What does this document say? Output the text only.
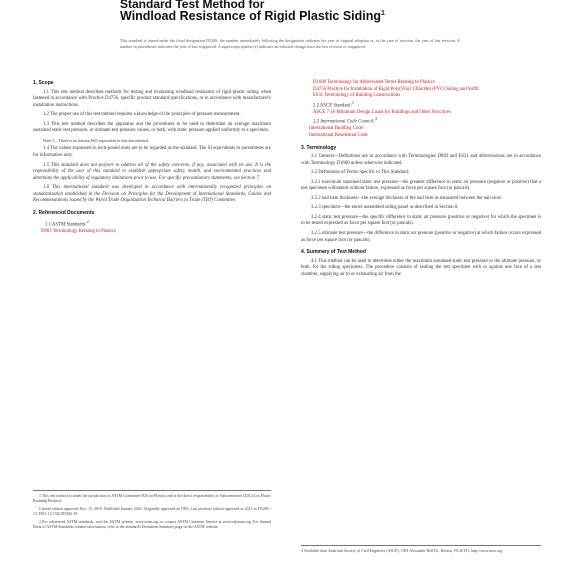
Standard Test Method for
Windload Resistance of Rigid Plastic Siding$^1$
This standard is issued under the fixed designation D5206; the number immediately following the designation indicates the year of original adoption or, in the case of revision, the year of last revision. A number in parentheses indicates the year of last reapproval. A superscript epsilon (ε) indicates an editorial change since the last revision or reapproval.
1. Scope
1.1 This test method describes methods for testing and evaluating windload resistance of rigid plastic siding when fastened in accordance with Practice D4756, specific product standard specifications, or in accordance with manufacturer's installation instructions.
1.2 The proper use of this test method requires a knowledge of the principles of pressure measurement.
1.3 This test method describes the apparatus and the procedures to be used to determine an average maximum sustained static test pressure, or ultimate test pressure values, or both, with static pressure applied uniformly to a specimen.
Note 1—There is no known ISO equivalent to this test method.
1.4 The values expressed in inch-pound units are to be regarded as the standard. The SI equivalents in parentheses are for information only.
1.5 This standard does not purport to address all of the safety concerns, if any, associated with its use. It is the responsibility of the user of this standard to establish appropriate safety, health, and environmental practices and determine the applicability of regulatory limitations prior to use. For specific precautionary statements, see Section 7.
1.6 This international standard was developed in accordance with internationally recognized principles on standardization established in the Decision on Principles for the Development of International Standards, Guides and Recommendations issued by the World Trade Organization Technical Barriers to Trade (TBT) Committee.
2. Referenced Documents
2.1 ASTM Standards:$^2$
D883 Terminology Relating to Plastics
1 This test method is under the jurisdiction of ASTM Committee D20 on Plastics and is the direct responsibility of Subcommittee D20.24 on Plastic Building Products.
Current edition approved Nov. 15, 2019. Published January 2020. Originally approved in 1992. Last previous edition approved in 2013 as D5206 - 13. DOI: 10.1520/D5206-19.
2 For referenced ASTM standards, visit the ASTM website, www.astm.org, or contact ASTM Customer Service at service@astm.org. For Annual Book of ASTM Standards volume information, refer to the standard's Document Summary page on the ASTM website.
D1600 Terminology for Abbreviated Terms Relating to Plastics
D4756 Practice for Installation of Rigid Poly(Vinyl Chloride) (PVC) Siding and Soffit
E631 Terminology of Building Constructions
2.2 ASCE Standard:$^3$
ASCE 7-16 Minimum Design Loads for Buildings and Other Structures
2.3 International Code Council:$^4$
International Building Code
International Residential Code
3. Terminology
3.1 General—Definitions are in accordance with Terminologies D883 and E631 and abbreviations are in accordance with Terminology D1600 unless otherwise indicated.
3.2 Definitions of Terms Specific to This Standard:
3.2.1 maximum sustained static test pressure—the greatest difference in static air pressure (negative or positive) that a test specimen withstands without failure, expressed as force per square foot (or pascals).
3.2.2 nail hem thickness—the average thickness of the nail hem as measured between the nail slots.
3.2.3 specimen—the entire assembled siding panel as described in Section 8.
3.2.4 static test pressure—the specific difference in static air pressure (positive or negative) for which the specimen is to be tested expressed as force per square foot (or pascals).
3.2.5 ultimate test pressure—the difference in static air pressure (positive or negative) at which failure occurs expressed as force per square foot (or pascals).
4. Summary of Test Method
4.1 This method can be used to determine either the maximum sustained static test pressure or the ultimate pressure, or both, for the siding specimens. The procedure consists of sealing the test specimen with or against one face of a test chamber, supplying air to or exhausting air from the
3 Available from American Society of Civil Engineers (ASCE), 1801 Alexander Bell Dr., Reston, VA 20191, http://www.asce.org.
